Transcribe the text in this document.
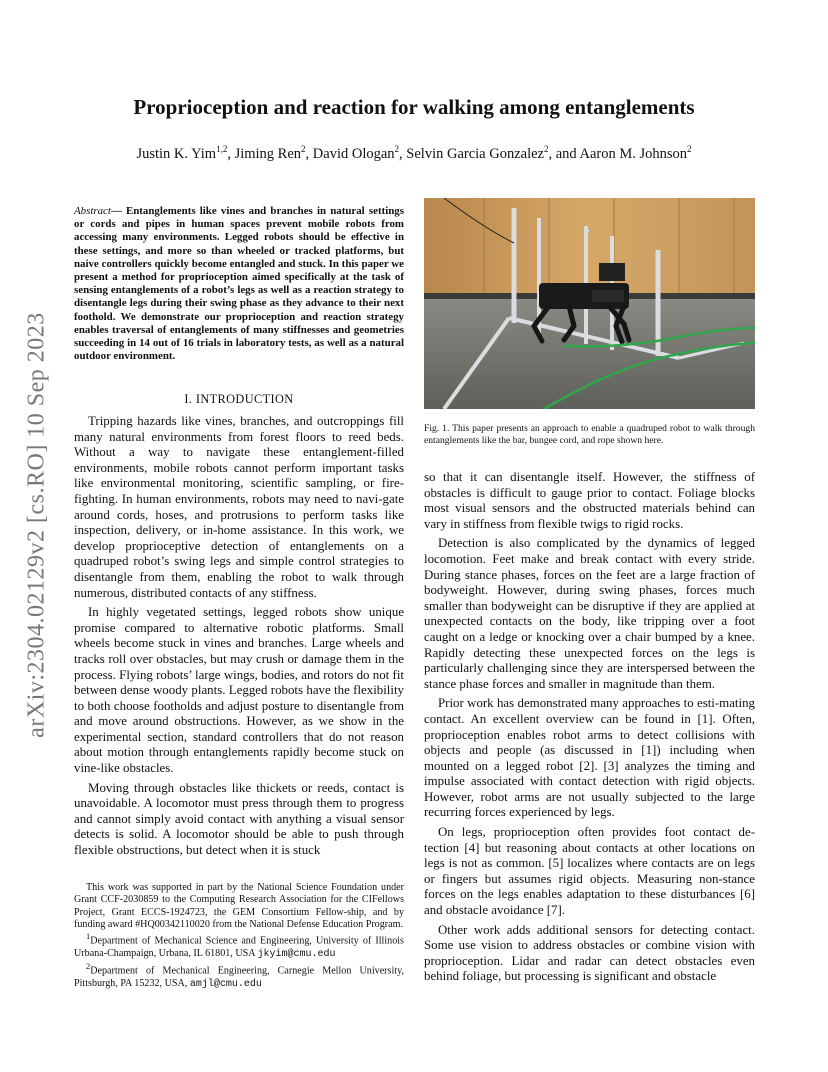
Proprioception and reaction for walking among entanglements
Justin K. Yim$^{1,2}$, Jiming Ren$^2$, David Ologan$^2$, Selvin Garcia Gonzalez$^2$, and Aaron M. Johnson$^2$
arXiv:2304.02129v2 [cs.RO] 10 Sep 2023
Abstract— Entanglements like vines and branches in natural settings or cords and pipes in human spaces prevent mobile robots from accessing many environments. Legged robots should be effective in these settings, and more so than wheeled or tracked platforms, but naive controllers quickly become entangled and stuck. In this paper we present a method for proprioception aimed specifically at the task of sensing entanglements of a robot’s legs as well as a reaction strategy to disentangle legs during their swing phase as they advance to their next foothold. We demonstrate our proprioception and reaction strategy enables traversal of entanglements of many stiffnesses and geometries succeeding in 14 out of 16 trials in laboratory tests, as well as a natural outdoor environment.
I. INTRODUCTION

Tripping hazards like vines, branches, and outcroppings fill many natural environments from forest floors to reed beds. Without a way to navigate these entanglement-filled environments, mobile robots cannot perform important tasks like environmental monitoring, scientific sampling, or fire-fighting. In human environments, robots may need to navi-gate around cords, hoses, and protrusions to perform tasks like inspection, delivery, or in-home assistance. In this work, we develop proprioceptive detection of entanglements on a quadruped robot’s swing legs and simple control strategies to disentangle from them, enabling the robot to walk through numerous, distributed contacts of any stiffness.

In highly vegetated settings, legged robots show unique promise compared to alternative robotic platforms. Small wheels become stuck in vines and branches. Large wheels and tracks roll over obstacles, but may crush or damage them in the process. Flying robots’ large wings, bodies, and rotors do not fit between dense woody plants. Legged robots have the flexibility to both choose footholds and adjust posture to disentangle from and move around obstructions. However, as we show in the experimental section, standard controllers that do not reason about motion through entanglements rapidly become stuck on vine-like obstacles.

Moving through obstacles like thickets or reeds, contact is unavoidable. A locomotor must press through them to progress and cannot simply avoid contact with anything a visual sensor detects is solid. A locomotor should be able to push through flexible obstructions, but detect when it is stuck

This work was supported in part by the National Science Foundation under Grant CCF-2030859 to the Computing Research Association for the CIFellows Project, Grant ECCS-1924723, the GEM Consortium Fellow-ship, and by funding award #HQ00342110020 from the National Defense Education Program.

$^1$Department of Mechanical Science and Engineering, University of Illinois Urbana-Champaign, Urbana, IL 61801, USA jkyim@cmu.edu

$^2$Department of Mechanical Engineering, Carnegie Mellon University, Pittsburgh, PA 15232, USA, amjl@cmu.edu

Fig. 1. This paper presents an approach to enable a quadruped robot to walk through entanglements like the bar, bungee cord, and rope shown here.

so that it can disentangle itself. However, the stiffness of obstacles is difficult to gauge prior to contact. Foliage blocks most visual sensors and the obstructed materials behind can vary in stiffness from flexible twigs to rigid rocks.

Detection is also complicated by the dynamics of legged locomotion. Feet make and break contact with every stride. During stance phases, forces on the feet are a large fraction of bodyweight. However, during swing phases, forces much smaller than bodyweight can be disruptive if they are applied at unexpected contacts on the body, like tripping over a foot caught on a ledge or knocking over a chair bumped by a knee. Rapidly detecting these unexpected forces on the legs is particularly challenging since they are interspersed between the stance phase forces and smaller in magnitude than them.

Prior work has demonstrated many approaches to esti-mating contact. An excellent overview can be found in [1]. Often, proprioception enables robot arms to detect collisions with objects and people (as discussed in [1]) including when mounted on a legged robot [2]. [3] analyzes the timing and impulse associated with contact detection with rigid objects. However, robot arms are not usually subjected to the large recurring forces experienced by legs.

On legs, proprioception often provides foot contact de-tection [4] but reasoning about contacts at other locations on legs is not as common. [5] localizes where contacts are on legs or fingers but assumes rigid objects. Measuring non-stance forces on the legs enables adaptation to these disturbances [6] and obstacle avoidance [7].

Other work adds additional sensors for detecting contact. Some use vision to address obstacles or combine vision with proprioception. Lidar and radar can detect obstacles even behind foliage, but processing is significant and obstacle
